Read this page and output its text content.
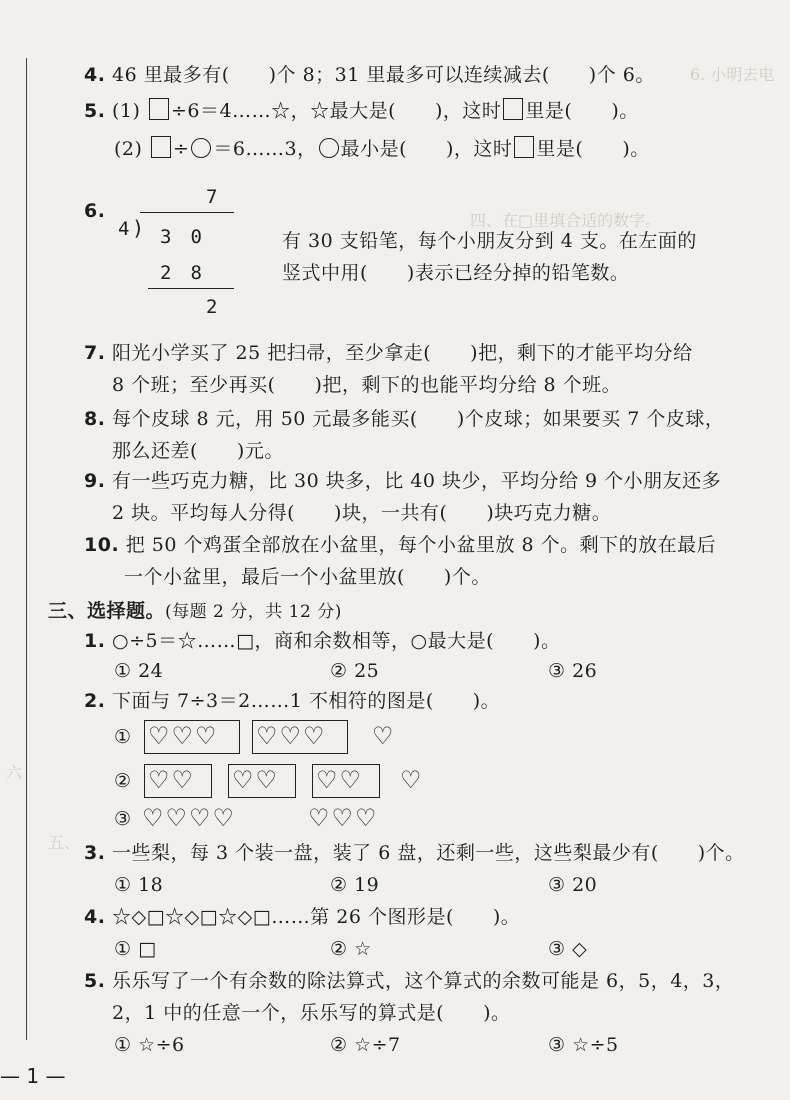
6. 小明去电
四、在□里填合适的数字。
五、
六
4. 46 里最多有(　　)个 8；31 里最多可以连续减去(　　)个 6。
5. (1) ÷6＝4……☆，☆最大是(　　)，这时 里是(　　)。
(2) ÷ ＝6……3， 最小是(　　)，这时 里是(　　)。
6.
7
4 ) 3　0
2　8
2
有 30 支铅笔，每个小朋友分到 4 支。在左面的
竖式中用(　　)表示已经分掉的铅笔数。
7. 阳光小学买了 25 把扫帚，至少拿走(　　)把，剩下的才能平均分给
8 个班；至少再买(　　)把，剩下的也能平均分给 8 个班。
8. 每个皮球 8 元，用 50 元最多能买(　　)个皮球；如果要买 7 个皮球，
那么还差(　　)元。
9. 有一些巧克力糖，比 30 块多，比 40 块少，平均分给 9 个小朋友还多
2 块。平均每人分得(　　)块，一共有(　　)块巧克力糖。
10. 把 50 个鸡蛋全部放在小盆里，每个小盆里放 8 个。剩下的放在最后
一个小盆里，最后一个小盆里放(　　)个。
三、选择题。(每题 2 分，共 12 分)
1. ○÷5＝☆……□，商和余数相等，○最大是(　　)。
① 24	② 25	③ 26
2. 下面与 7÷3＝2……1 不相符的图是(　　)。
① ♡♡♡ ♡♡♡ ♡
② ♡♡ ♡♡ ♡♡ ♡
③ ♡♡♡♡	♡♡♡
3. 一些梨，每 3 个装一盘，装了 6 盘，还剩一些，这些梨最少有(　　)个。
① 18	② 19	③ 20
4. ☆◇□☆◇□☆◇□……第 26 个图形是(　　)。
① □	② ☆	③ ◇
5. 乐乐写了一个有余数的除法算式，这个算式的余数可能是 6，5，4，3，
2，1 中的任意一个，乐乐写的算式是(　　)。
① ☆÷6	② ☆÷7	③ ☆÷5
— 1 —
